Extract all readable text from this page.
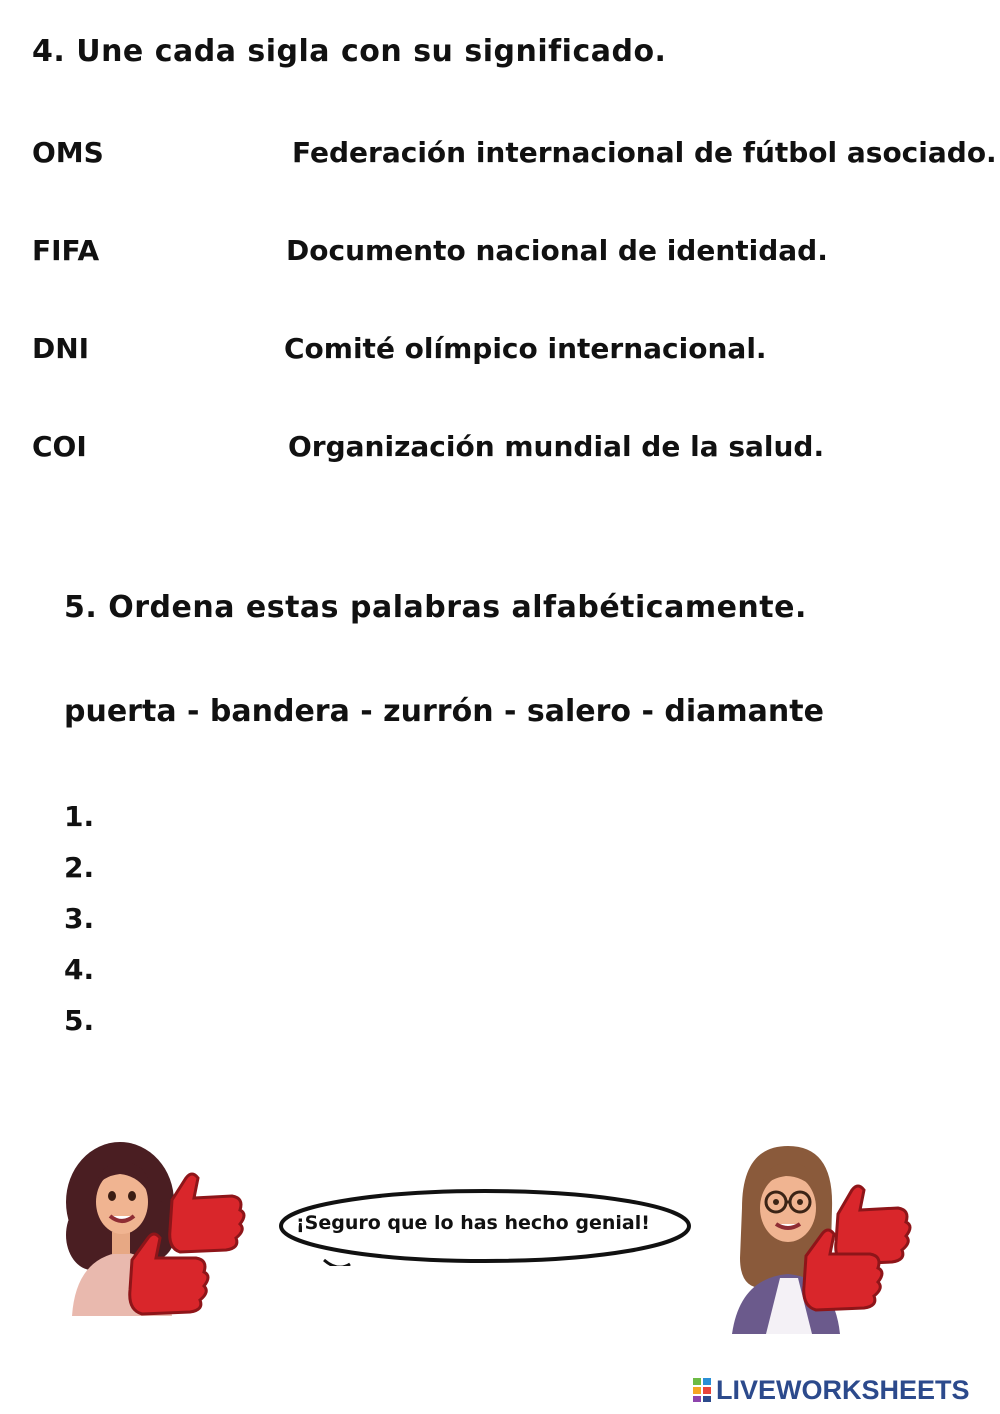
4. Une cada sigla con su significado.
OMS	Federación internacional de fútbol asociado.
FIFA	Documento nacional de identidad.
DNI	Comité olímpico internacional.
COI	Organización mundial de la salud.
5. Ordena estas palabras alfabéticamente.
puerta - bandera - zurrón - salero - diamante
1.
2.
3.
4.
5.
¡Seguro que lo has hecho genial!
LIVEWORKSHEETS
